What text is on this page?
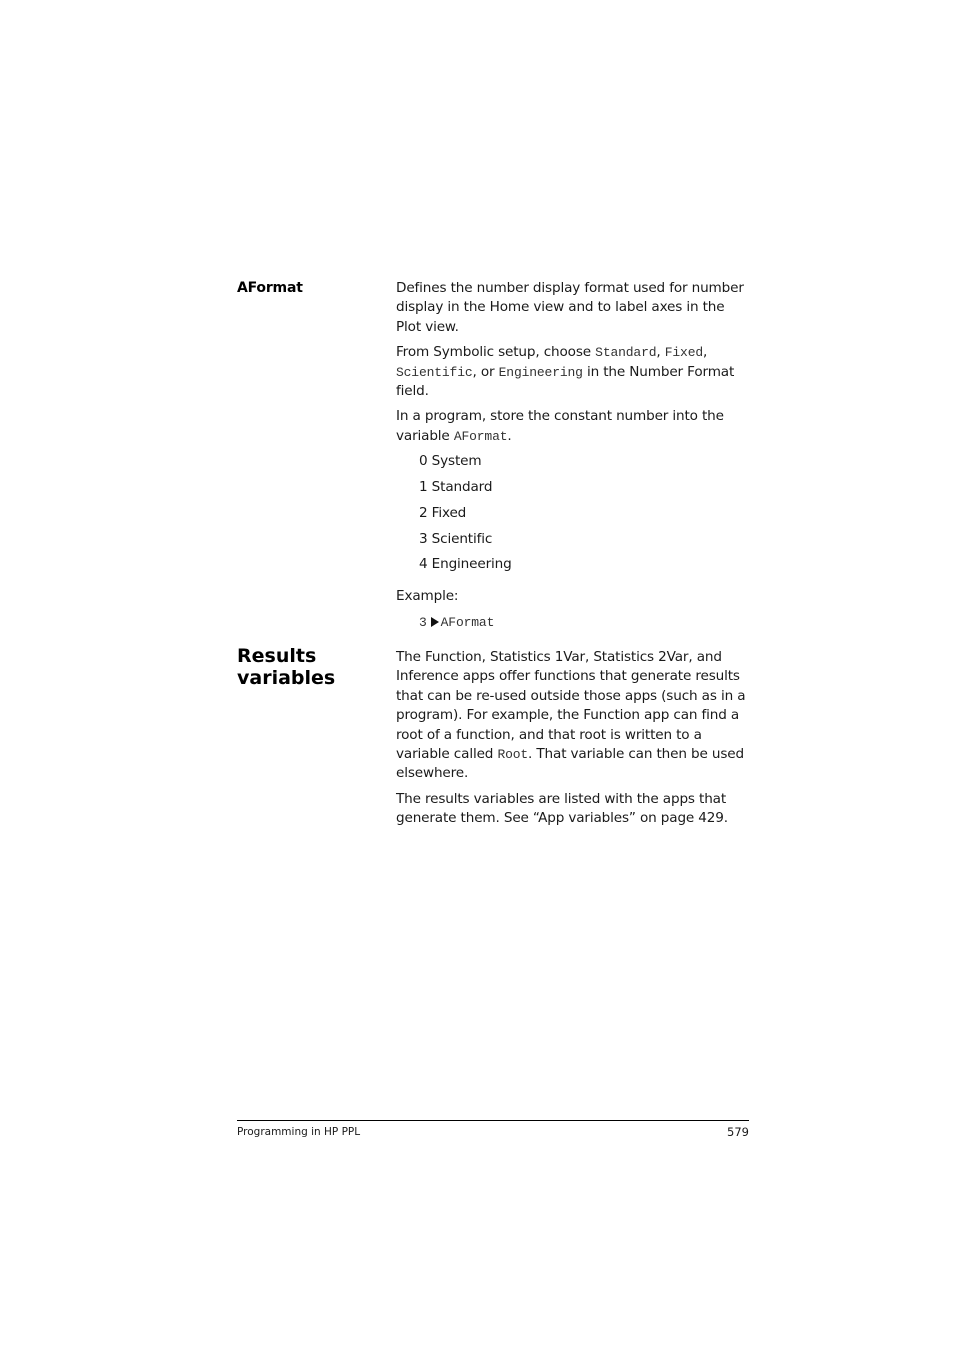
AFormat	Defines the number display format used for number display in the Home view and to label axes in the Plot view.

From Symbolic setup, choose Standard, Fixed,
Scientific, or Engineering in the Number Format field.

In a program, store the constant number into the variable AFormat.

0 System
1 Standard
2 Fixed
3 Scientific
4 Engineering

Example:

3 AFormat
Results variables

The Function, Statistics 1Var, Statistics 2Var, and Inference apps offer functions that generate results that can be re-used outside those apps (such as in a program). For example, the Function app can find a root of a function, and that root is written to a variable called Root. That variable can then be used elsewhere.

The results variables are listed with the apps that generate them. See “App variables” on page 429.

Programming in HP PPL	579
